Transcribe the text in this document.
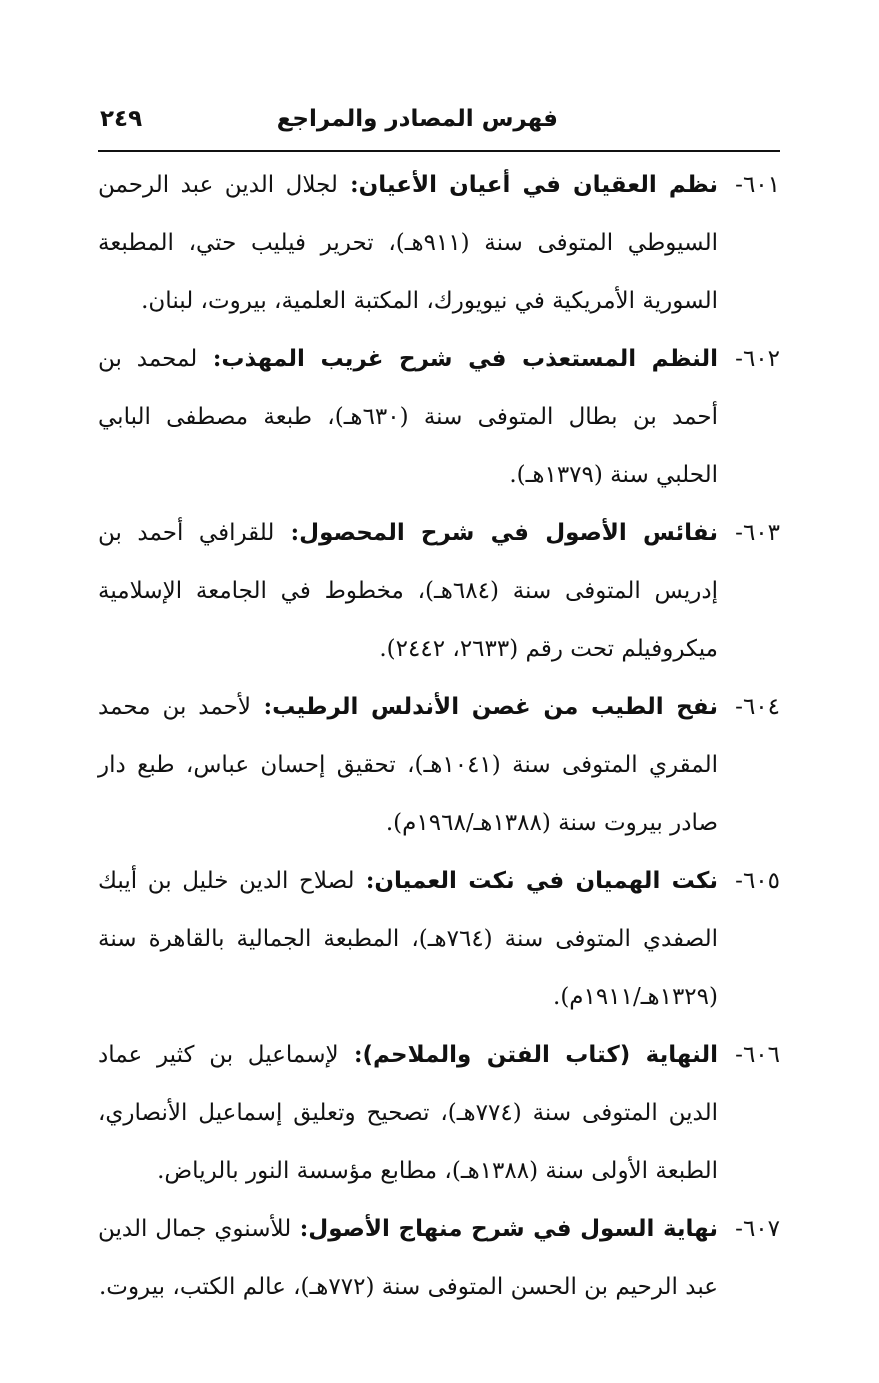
فهرس المصادر والمراجع
٢٤٩
٦٠١-
نظم العقيان في أعيان الأعيان: لجلال الدين عبد الرحمن السيوطي المتوفى سنة (٩١١هـ)، تحرير فيليب حتي، المطبعة السورية الأمريكية في نيويورك، المكتبة العلمية، بيروت، لبنان.
٦٠٢-
النظم المستعذب في شرح غريب المهذب: لمحمد بن أحمد بن بطال المتوفى سنة (٦٣٠هـ)، طبعة مصطفى البابي الحلبي سنة (١٣٧٩هـ).
٦٠٣-
نفائس الأصول في شرح المحصول: للقرافي أحمد بن إدريس المتوفى سنة (٦٨٤هـ)، مخطوط في الجامعة الإسلامية ميكروفيلم تحت رقم (٢٦٣٣، ٢٤٤٢).
٦٠٤-
نفح الطيب من غصن الأندلس الرطيب: لأحمد بن محمد المقري المتوفى سنة (١٠٤١هـ)، تحقيق إحسان عباس، طبع دار صادر بيروت سنة (١٣٨٨هـ/١٩٦٨م).
٦٠٥-
نكت الهميان في نكت العميان: لصلاح الدين خليل بن أيبك الصفدي المتوفى سنة (٧٦٤هـ)، المطبعة الجمالية بالقاهرة سنة (١٣٢٩هـ/١٩١١م).
٦٠٦-
النهاية (كتاب الفتن والملاحم): لإسماعيل بن كثير عماد الدين المتوفى سنة (٧٧٤هـ)، تصحيح وتعليق إسماعيل الأنصاري، الطبعة الأولى سنة (١٣٨٨هـ)، مطابع مؤسسة النور بالرياض.
٦٠٧-
نهاية السول في شرح منهاج الأصول: للأسنوي جمال الدين عبد الرحيم بن الحسن المتوفى سنة (٧٧٢هـ)، عالم الكتب، بيروت.
